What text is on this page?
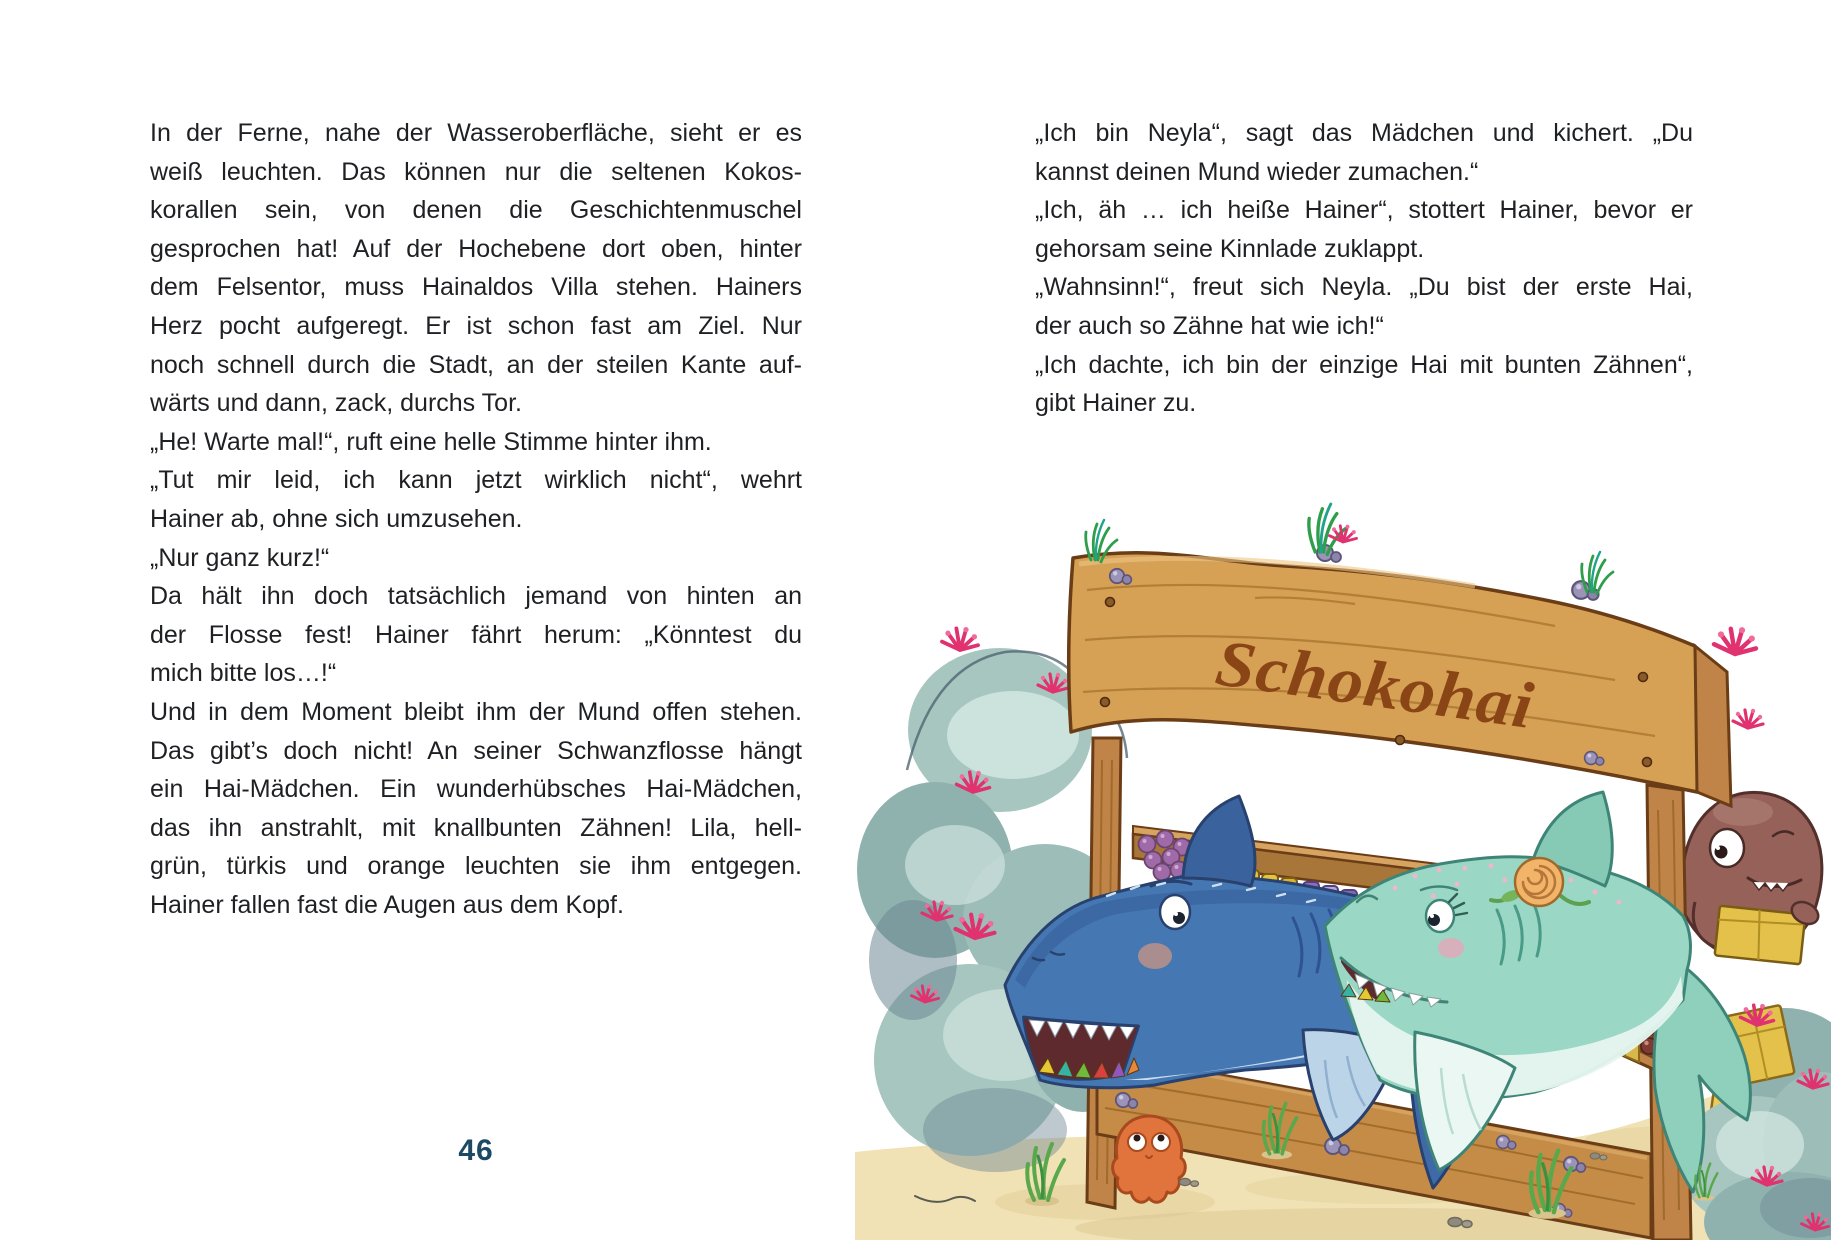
In der Ferne, nahe der Wasseroberfläche, sieht er es
weiß leuchten. Das können nur die seltenen Kokos-
korallen sein, von denen die Geschichtenmuschel
gesprochen hat! Auf der Hochebene dort oben, hinter
dem Felsentor, muss Hainaldos Villa stehen. Hainers
Herz pocht aufgeregt. Er ist schon fast am Ziel. Nur
noch schnell durch die Stadt, an der steilen Kante auf-
wärts und dann, zack, durchs Tor.
„He! Warte mal!“, ruft eine helle Stimme hinter ihm.
„Tut mir leid, ich kann jetzt wirklich nicht“, wehrt
Hainer ab, ohne sich umzusehen.
„Nur ganz kurz!“
Da hält ihn doch tatsächlich jemand von hinten an
der Flosse fest! Hainer fährt herum: „Könntest du
mich bitte los…!“
Und in dem Moment bleibt ihm der Mund offen stehen.
Das gibt’s doch nicht! An seiner Schwanzflosse hängt
ein Hai-Mädchen. Ein wunderhübsches Hai-Mädchen,
das ihn anstrahlt, mit knallbunten Zähnen! Lila, hell-
grün, türkis und orange leuchten sie ihm entgegen.
Hainer fallen fast die Augen aus dem Kopf.
46
„Ich bin Neyla“, sagt das Mädchen und kichert. „Du
kannst deinen Mund wieder zumachen.“
„Ich, äh … ich heiße Hainer“, stottert Hainer, bevor er
gehorsam seine Kinnlade zuklappt.
„Wahnsinn!“, freut sich Neyla. „Du bist der erste Hai,
der auch so Zähne hat wie ich!“
„Ich dachte, ich bin der einzige Hai mit bunten Zähnen“,
gibt Hainer zu.
Schokohai
